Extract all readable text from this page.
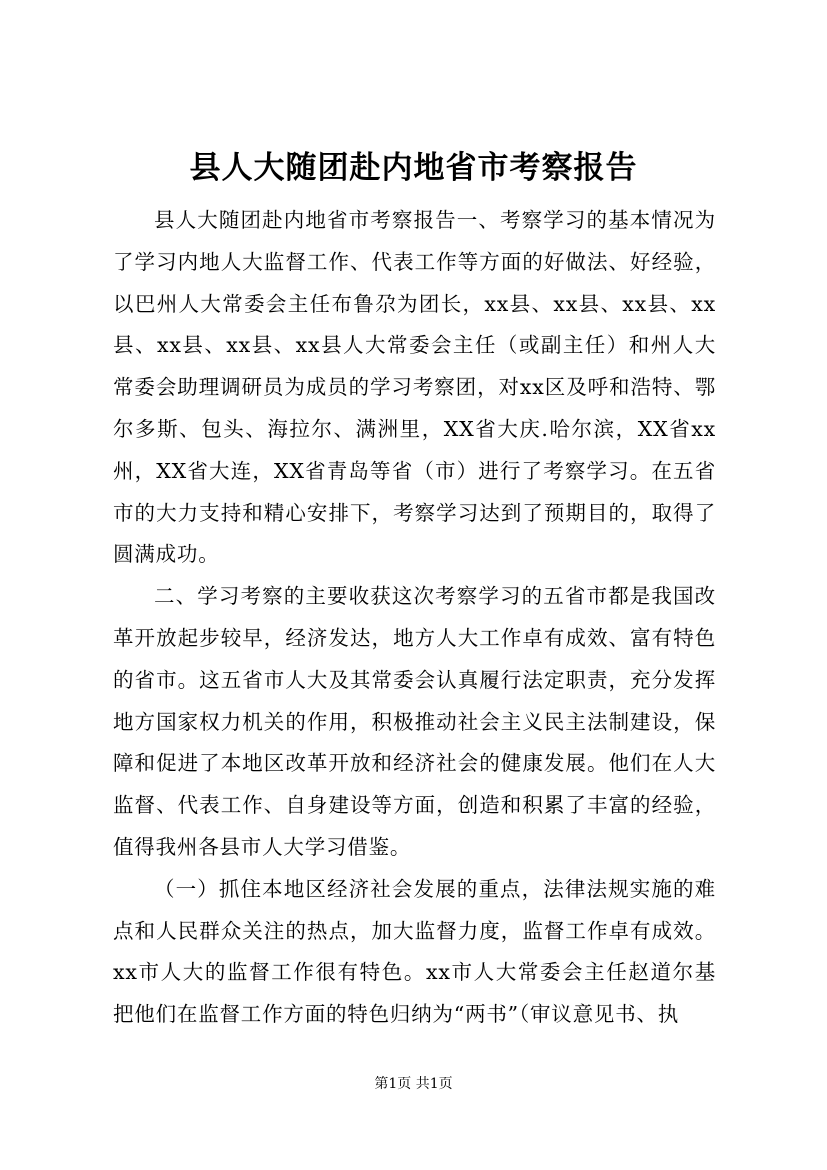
县人大随团赴内地省市考察报告

县人大随团赴内地省市考察报告一、考察学习的基本情况为了学习内地人大监督工作、代表工作等方面的好做法、好经验，以巴州人大常委会主任布鲁尕为团长，xx县、xx县、xx县、xx县、xx县、xx县、xx县人大常委会主任（或副主任）和州人大常委会助理调研员为成员的学习考察团，对xx区及呼和浩特、鄂尔多斯、包头、海拉尔、满洲里，XX省大庆.哈尔滨，XX省xx州，XX省大连，XX省青岛等省（市）进行了考察学习。在五省市的大力支持和精心安排下，考察学习达到了预期目的，取得了圆满成功。

二、学习考察的主要收获这次考察学习的五省市都是我国改革开放起步较早，经济发达，地方人大工作卓有成效、富有特色的省市。这五省市人大及其常委会认真履行法定职责，充分发挥地方国家权力机关的作用，积极推动社会主义民主法制建设，保障和促进了本地区改革开放和经济社会的健康发展。他们在人大监督、代表工作、自身建设等方面，创造和积累了丰富的经验，值得我州各县市人大学习借鉴。

（一）抓住本地区经济社会发展的重点，法律法规实施的难点和人民群众关注的热点，加大监督力度，监督工作卓有成效。xx市人大的监督工作很有特色。xx市人大常委会主任赵道尔基把他们在监督工作方面的特色归纳为“两书”（审议意见书、执

第1页 共1页
